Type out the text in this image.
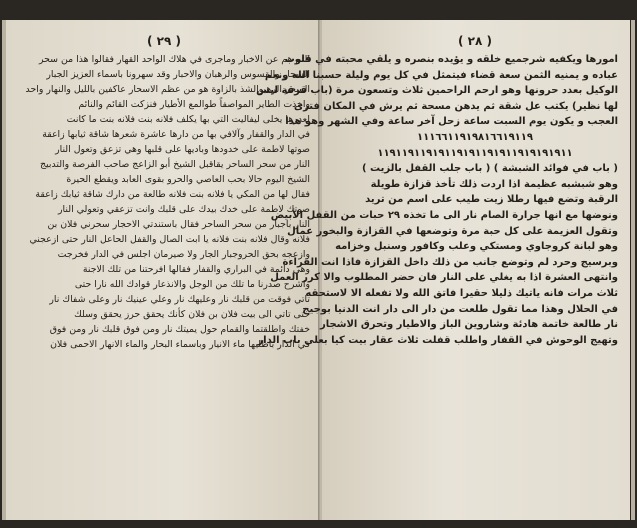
( ٢٩ )
التم هم عن الاخبار وماجرى في هلاك الواحد القهار فقالوا هذا من سحر
السحار والقسوس والرهبان والاحبار وقد سهرونا باسماء العزيز الجبار
السحر الرهيوالشذ بالزاوة هو من عظم الاسحار عاكفين بالليل والنهار واحد
واخذت الطاير المواصفاً طوالمع الأطيار فنزكت القائم والنائم
لعدرها يخلى ليفاليت التي بها يكلف فلانه بنت فلانه بنت ما كانت
في الدار والقفار وآلافي بها من دارها عاشرة شعرها شاقة ثيابها زاعقة
صوتها لاطمة على خدودها وباديها على قلبها وهي تزعق وتعول النار
النار من سحر الساحر يقاقبل الشيخ أبو الزاعج صاحب الفرصة والتدبيج
الشيخ اليوم حالا بحب العاصي والحرو بقوى العابد ويقطع الحيرة
فقال لها من المكي يا فلانه بنت فلانه طالعة من دارك شاقة ثيابك زاعقة
صوتك لاطمة على خدك بيدك على قلبك وانت تزعقي وتعولي النار
النار باجبار من سحر الساحر فقال باستندتي الاحجار سحرني فلان بن
فلانه وقال فلانه بنت فلانه يا ابت الصال والقفل الحاعل النار حتى ازعجني
وازعجه بحق الحروجبار الجار ولا صيرمان اجلس في الدار فخرجت
وهي دائمة في البراري والقفار فقالها افرحتنا من تلك الاجنة
واشرح صدرنا ما تلك من الوجل والانذعار قوادك الله نارا حتى
تاتي فوقت من قلبك نار وعليهك نار وعلي عينيك نار وعلى شفاك نار
حتى تاتي الى بيت فلان بن فلان كأنك يحقق حرز يحقق وسلك
خفتك واطلقتما والقمام حول يميتك نار ومن فوق قلبك نار ومن فوق
في الدار باطليها ماء الانيار وباسماء البحار والماء الانهار الاحمى فلان
( ٢٨ )
امورها ويكفيه شرجميع خلقه و يؤيده بنصره و يلقي محبته في قلوب
عباده و يمنيه الثمن سعة قضاء فيتمثل في كل يوم وليلة حسبنا الله ونعم
الوكيل بعدد حرونها وهو ارحم الراحمين ثلاث وتسعون مرة (باب قرقة ليس
لها نظير) يكتب عل شقة ثم يدهن مسحة ثم يرش في المكان فترى
العجب و يكون يوم السبت ساعة زحل آخر ساعة وفي الشهر وهو هذا
١١١٦٦١١٩١٩٨١٦٦١٩١١٩
١١٩١١٩١١٩١٩١١٩١٩١١٩١٩١١٩١٩١٩١٩١١
( باب في فوائد الشبشة ) ( باب جلب القفل بالزيت )
وهو شبشبه عظيمة اذا اردت ذلك تأخذ قزازة طويلة
الرقبة وتضع فيها رطلا زيت طيب على اسم من تريد
ونوضها مع انها جرارة الصام نار الى ما تخذه ٢٩ حبات من القفل الأبيض
وتقول العزيمة على كل حبة مرة وتوضعها في القزازة والبخور عمال
وهو لبانة كروجاوي ومستكي وعلب وكافور وسنبل وخزامه
وبرسيج وحرد لم وتوضع جانب من ذلك داخل القزازة فاذا انت القراءة
وانتهى العشرة اذا به يغلي على النار فان حضر المطلوب والا كرر العمل
ثلاث مرات فانه ياتيك ذليلا حقيرا فاتق الله ولا تفعله الا لاستحقه
في الحلال وهذا مما تقول طلعت من دار الى دار انت الدنيا بوجيج
نار طالعة خاتمة هادئة وشاروين الباز والاطيار وتحرق الاشجار
وتهيج الوحوش في القفار واطلب قفلت ثلاث عقار بيت كيا بعلى باب الدار
